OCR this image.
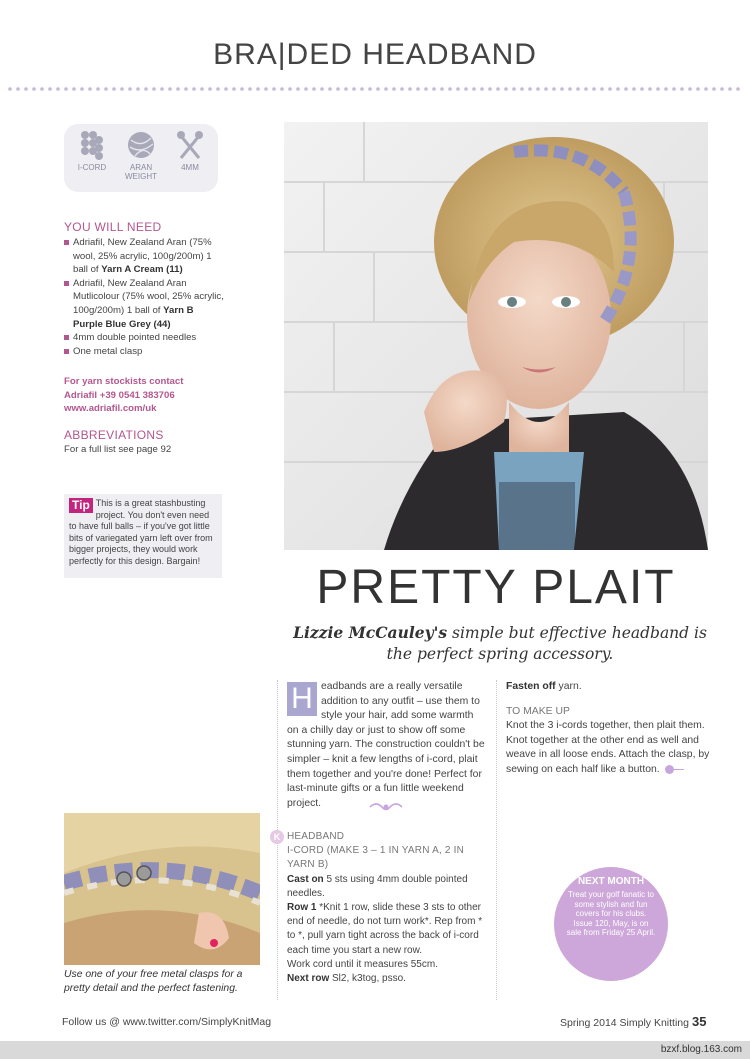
BRA|DED HEADBAND
I-CORD	ARAN WEIGHT
4MM
YOU WILL NEED
Adriafil, New Zealand Aran (75% wool, 25% acrylic, 100g/200m) 1 ball of Yarn A Cream (11)
Adriafil, New Zealand Aran Mutlicolour (75% wool, 25% acrylic, 100g/200m) 1 ball of Yarn B Purple Blue Grey (44)
4mm double pointed needles
One metal clasp
For yarn stockists contact
Adriafil +39 0541 383706
www.adriafil.com/uk
ABBREVIATIONS
For a full list see page 92
Tip This is a great stashbusting project. You don't even need to have full balls – if you've got little bits of variegated yarn left over from bigger projects, they would work perfectly for this design. Bargain!
PRETTY PLAIT

Lizzie McCauley's simple but effective headband is the perfect spring accessory.

H eadbands are a really versatile addition to any outfit – use them to style your hair, add some warmth on a chilly day or just to show off some stunning yarn. The construction couldn't be simpler – knit a few lengths of i-cord, plait them together and you're done! Perfect for last-minute gifts or a fun little weekend project.
K HEADBAND
I-CORD (MAKE 3 – 1 IN YARN A, 2 IN YARN B)
Cast on 5 sts using 4mm double pointed needles.
Row 1 *Knit 1 row, slide these 3 sts to other end of needle, do not turn work*. Rep from * to *, pull yarn tight across the back of i-cord each time you start a new row.
Work cord until it measures 55cm.
Next row Sl2, k3tog, psso.
Fasten off yarn.
TO MAKE UP
Knot the 3 i-cords together, then plait them. Knot together at the other end as well and weave in all loose ends. Attach the clasp, by sewing on each half like a button.
NEXT MONTH
Treat your golf fanatic to some stylish and fun covers for his clubs. Issue 120, May, is on sale from Friday 25 April.

Use one of your free metal clasps for a pretty detail and the perfect fastening.

Follow us @ www.twitter.com/SimplyKnitMag	Spring 2014 Simply Knitting 35
bzxf.blog.163.com
